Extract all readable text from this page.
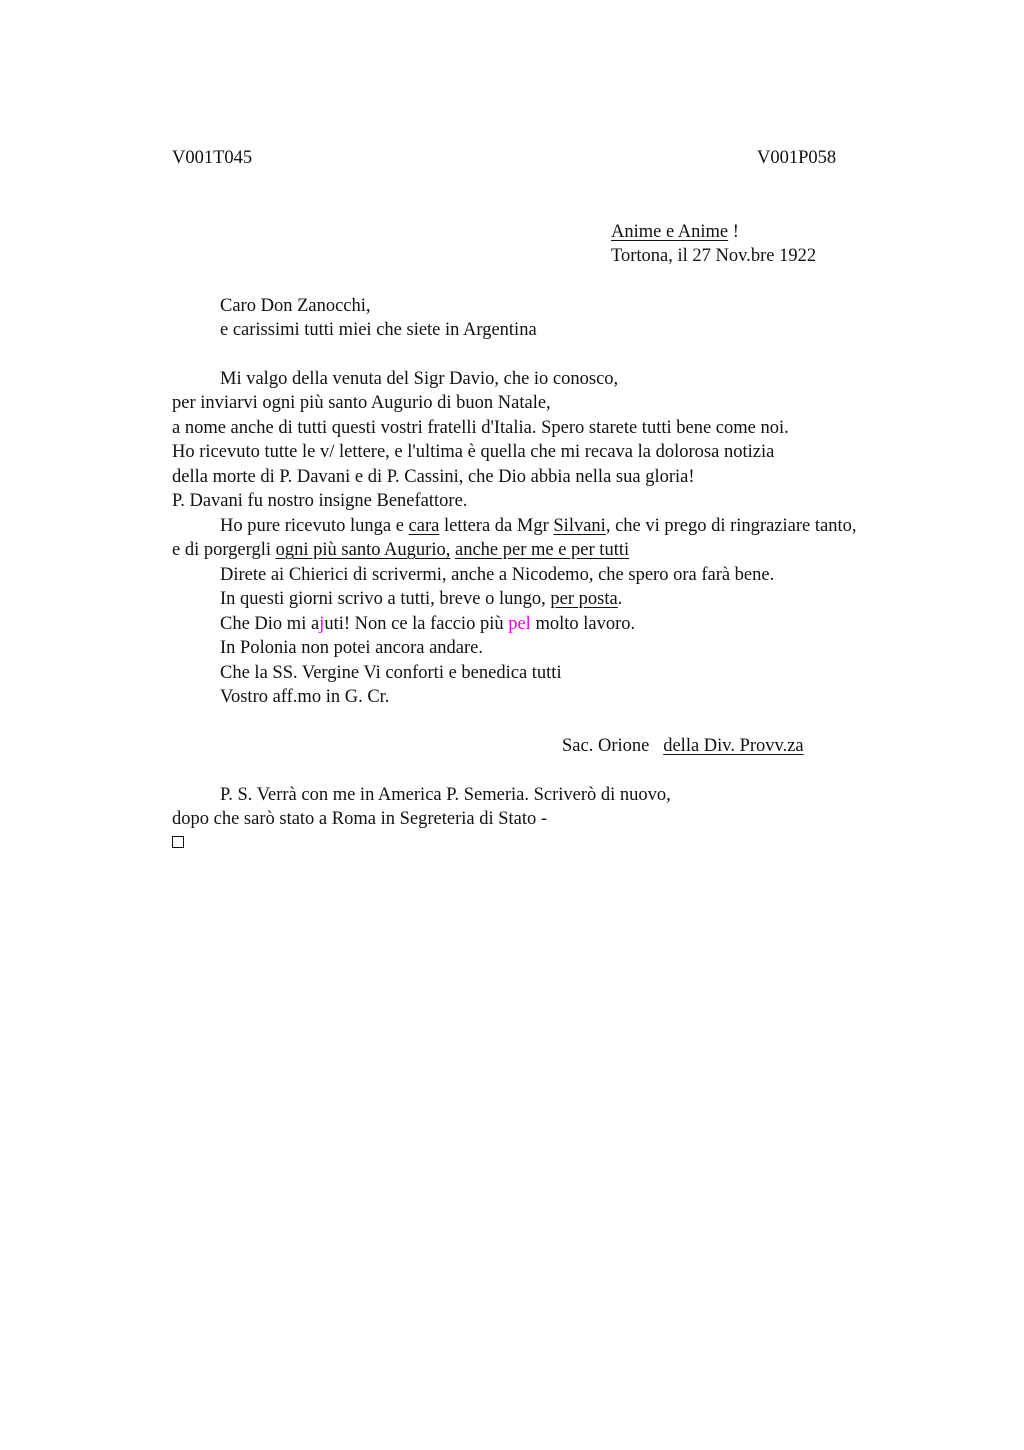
V001T045	V001P058
Anime e Anime !
Tortona, il 27 Nov.bre 1922
Caro Don Zanocchi,
e carissimi tutti miei che siete in Argentina
Mi valgo della venuta del Sigr Davio, che io conosco,
per inviarvi ogni più santo Augurio di buon Natale,
a nome anche di tutti questi vostri fratelli d'Italia. Spero starete tutti bene come noi.
Ho ricevuto tutte le v/ lettere, e l'ultima è quella che mi recava la dolorosa notizia
della morte di P. Davani e di P. Cassini, che Dio abbia nella sua gloria!
P. Davani fu nostro insigne Benefattore.
Ho pure ricevuto lunga e cara lettera da Mgr Silvani, che vi prego di ringraziare tanto,
e di porgergli ogni più santo Augurio, anche per me e per tutti
Direte ai Chierici di scrivermi, anche a Nicodemo, che spero ora farà bene.
In questi giorni scrivo a tutti, breve o lungo, per posta.
Che Dio mi ajuti! Non ce la faccio più pel molto lavoro.
In Polonia non potei ancora andare.
Che la SS. Vergine Vi conforti e benedica tutti
Vostro aff.mo in G. Cr.
Sac. Orione   della Div. Provv.za
P. S. Verrà con me in America P. Semeria. Scriverò di nuovo,
dopo che sarò stato a Roma in Segreteria di Stato -
